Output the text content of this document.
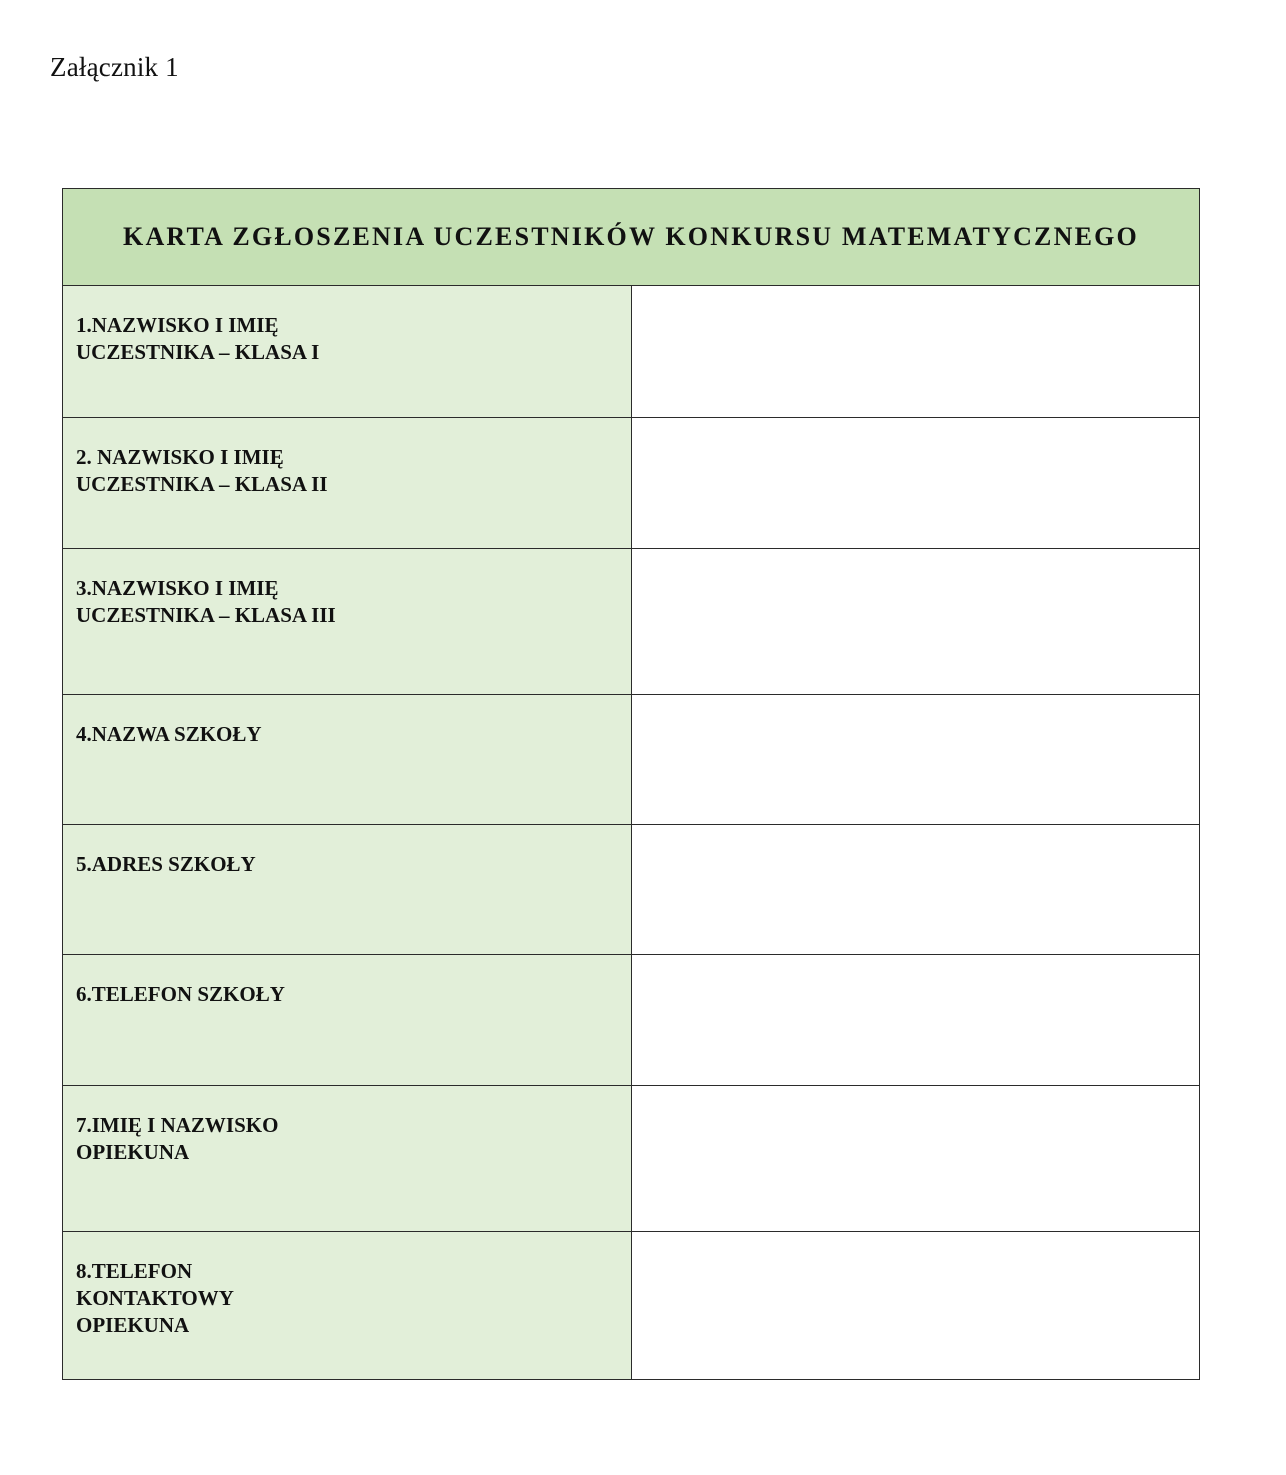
Załącznik 1
KARTA ZGŁOSZENIA UCZESTNIKÓW KONKURSU MATEMATYCZNEGO	

1.NAZWISKO I IMIĘ
UCZESTNIKA – KLASA I	

2. NAZWISKO I IMIĘ
UCZESTNIKA – KLASA II	

3.NAZWISKO I IMIĘ
UCZESTNIKA – KLASA III	

4.NAZWA SZKOŁY	

5.ADRES SZKOŁY	

6.TELEFON SZKOŁY	

7.IMIĘ I NAZWISKO
OPIEKUNA	

8.TELEFON
KONTAKTOWY
OPIEKUNA	
